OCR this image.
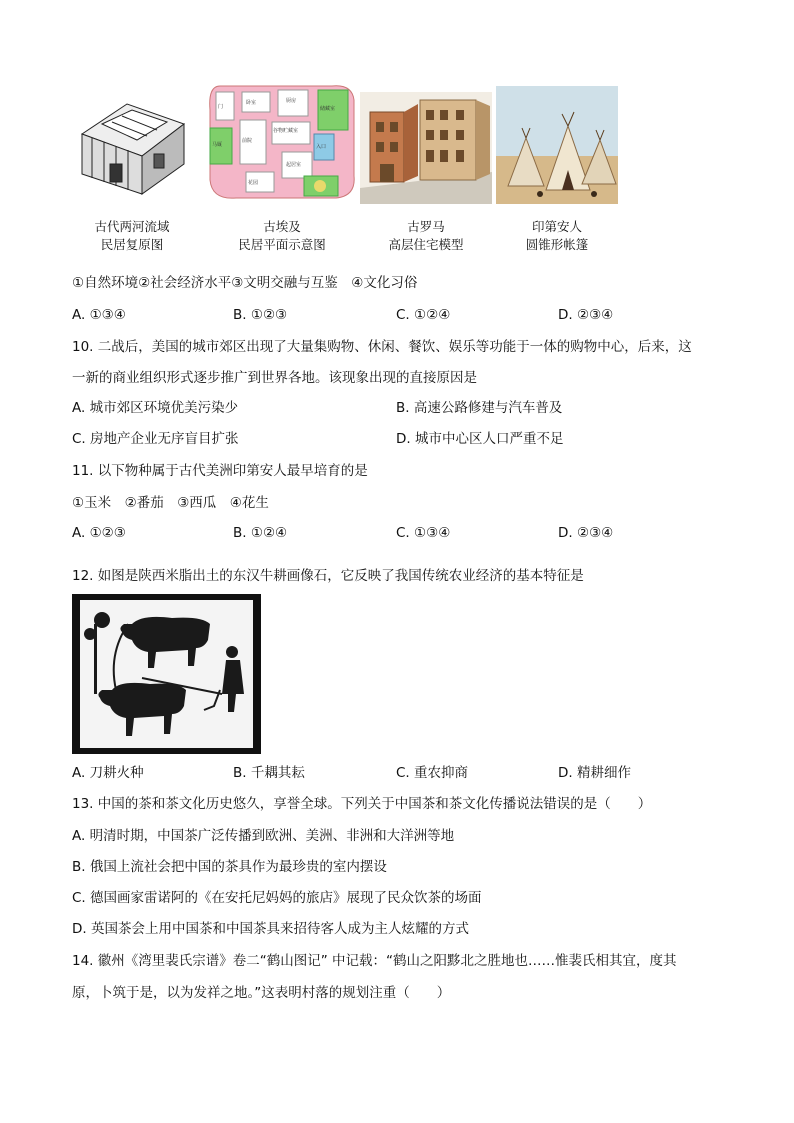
厨房
卧室
谷物贮藏室
储藏室
起居室
门
马厩
前院
入口
花园
古代两河流域
民居复原图
古埃及
民居平面示意图
古罗马
高层住宅模型
印第安人
圆锥形帐篷
①自然环境②社会经济水平③文明交融与互鉴　④文化习俗
A. ①③④	B. ①②③	C. ①②④	D. ②③④
10. 二战后，美国的城市郊区出现了大量集购物、休闲、餐饮、娱乐等功能于一体的购物中心，后来，这
一新的商业组织形式逐步推广到世界各地。该现象出现的直接原因是
A. 城市郊区环境优美污染少	B. 高速公路修建与汽车普及
C. 房地产企业无序盲目扩张	D. 城市中心区人口严重不足
11. 以下物种属于古代美洲印第安人最早培育的是
①玉米　②番茄　③西瓜　④花生
A. ①②③	B. ①②④	C. ①③④	D. ②③④
12. 如图是陕西米脂出土的东汉牛耕画像石，它反映了我国传统农业经济的基本特征是
A. 刀耕火种	B. 千耦其耘	C. 重农抑商	D. 精耕细作
13. 中国的茶和茶文化历史悠久，享誉全球。下列关于中国茶和茶文化传播说法错误的是（　　）
A. 明清时期，中国茶广泛传播到欧洲、美洲、非洲和大洋洲等地
B. 俄国上流社会把中国的茶具作为最珍贵的室内摆设
C. 德国画家雷诺阿的《在安托尼妈妈的旅店》展现了民众饮茶的场面
D. 英国茶会上用中国茶和中国茶具来招待客人成为主人炫耀的方式
14. 徽州《湾里裴氏宗谱》卷二“鹤山图记” 中记载：“鹤山之阳黟北之胜地也……惟裴氏相其宜，度其
原，卜筑于是，以为发祥之地。”这表明村落的规划注重（　　）
